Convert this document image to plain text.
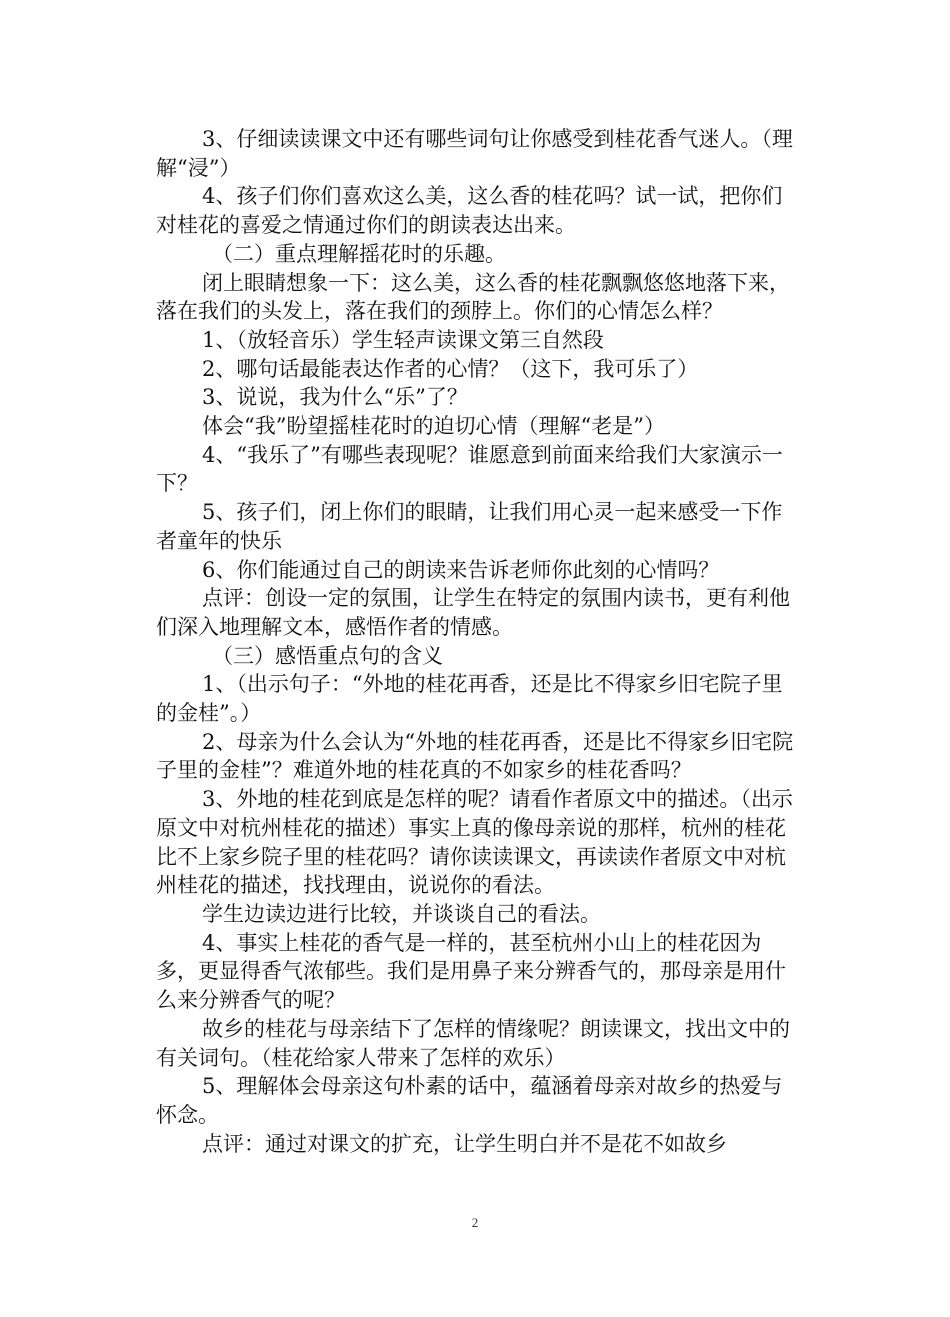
3、仔细读读课文中还有哪些词句让你感受到桂花香气迷人。（理解“浸”）

4、孩子们你们喜欢这么美，这么香的桂花吗？试一试，把你们对桂花的喜爱之情通过你们的朗读表达出来。

（二）重点理解摇花时的乐趣。

闭上眼睛想象一下：这么美，这么香的桂花飘飘悠悠地落下来，落在我们的头发上，落在我们的颈脖上。你们的心情怎么样？

1、（放轻音乐）学生轻声读课文第三自然段

2、哪句话最能表达作者的心情？（这下，我可乐了）

3、说说，我为什么“乐”了？

体会“我”盼望摇桂花时的迫切心情（理解“老是”）

4、“我乐了”有哪些表现呢？谁愿意到前面来给我们大家演示一下？

5、孩子们，闭上你们的眼睛，让我们用心灵一起来感受一下作者童年的快乐

6、你们能通过自己的朗读来告诉老师你此刻的心情吗？

点评：创设一定的氛围，让学生在特定的氛围内读书，更有利他们深入地理解文本，感悟作者的情感。

（三）感悟重点句的含义

1、（出示句子：“外地的桂花再香，还是比不得家乡旧宅院子里的金桂”。）

2、母亲为什么会认为“外地的桂花再香，还是比不得家乡旧宅院子里的金桂”？难道外地的桂花真的不如家乡的桂花香吗？

3、外地的桂花到底是怎样的呢？请看作者原文中的描述。（出示原文中对杭州桂花的描述）事实上真的像母亲说的那样，杭州的桂花比不上家乡院子里的桂花吗？请你读读课文，再读读作者原文中对杭州桂花的描述，找找理由，说说你的看法。

学生边读边进行比较，并谈谈自己的看法。

4、事实上桂花的香气是一样的，甚至杭州小山上的桂花因为多，更显得香气浓郁些。我们是用鼻子来分辨香气的，那母亲是用什么来分辨香气的呢？

故乡的桂花与母亲结下了怎样的情缘呢？朗读课文，找出文中的有关词句。（桂花给家人带来了怎样的欢乐）

5、理解体会母亲这句朴素的话中，蕴涵着母亲对故乡的热爱与怀念。

点评：通过对课文的扩充，让学生明白并不是花不如故乡

2
